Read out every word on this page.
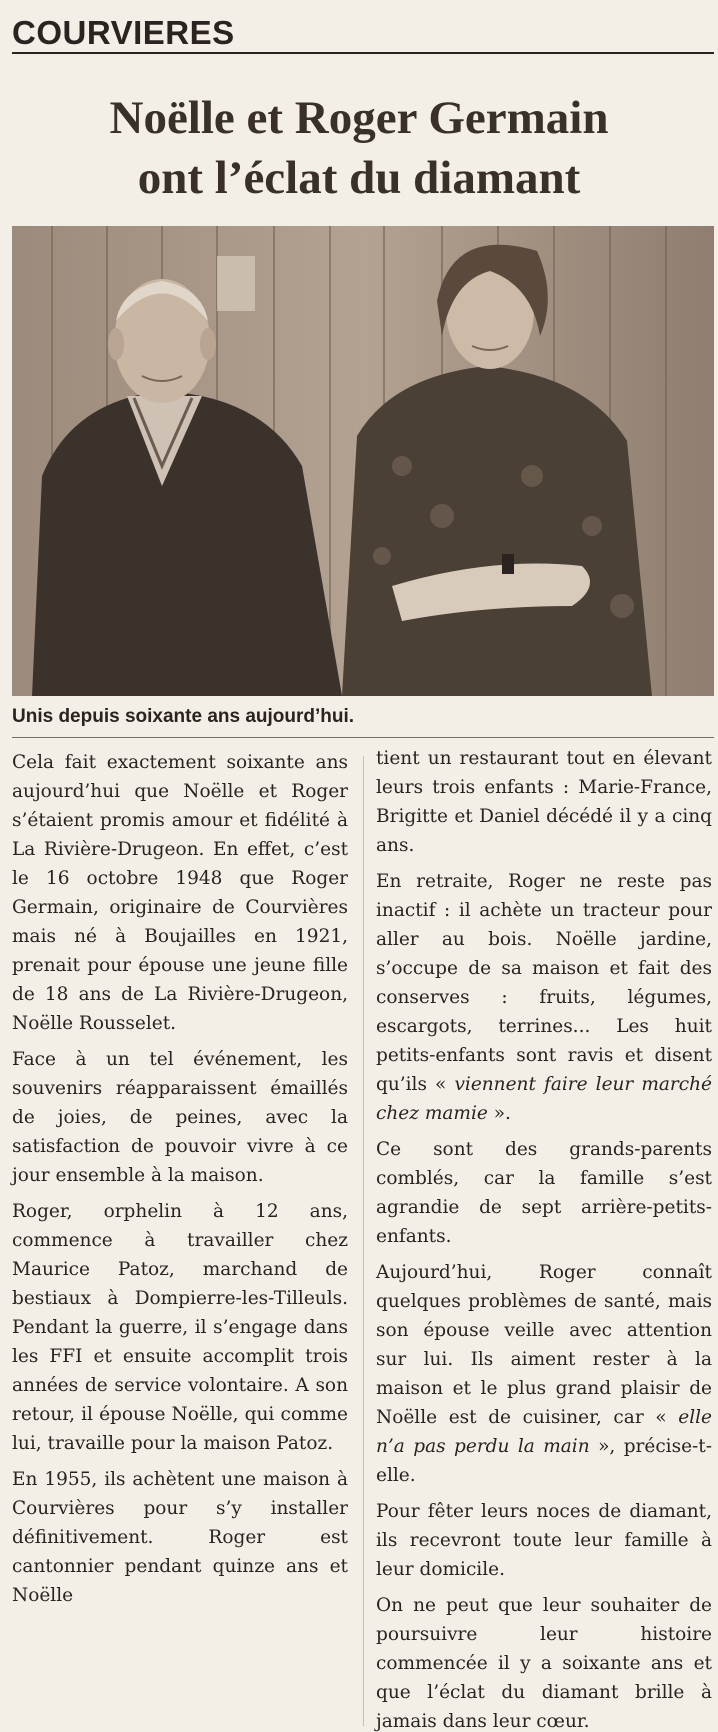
COURVIERES
Noëlle et Roger Germain
ont l’éclat du diamant
Unis depuis soixante ans aujourd’hui.

Cela fait exactement soixante ans aujourd’hui que Noëlle et Roger s’étaient promis amour et fidélité à La Rivière-Drugeon. En effet, c’est le 16 octobre 1948 que Roger Germain, originaire de Courvières mais né à Boujailles en 1921, prenait pour épouse une jeune fille de 18 ans de La Rivière-Drugeon, Noëlle Rousselet.

Face à un tel événement, les souvenirs réapparaissent émaillés de joies, de peines, avec la satisfaction de pouvoir vivre à ce jour ensemble à la maison.

Roger, orphelin à 12 ans, commence à travailler chez Maurice Patoz, marchand de bestiaux à Dompierre-les-Tilleuls. Pendant la guerre, il s’engage dans les FFI et ensuite accomplit trois années de service volontaire. A son retour, il épouse Noëlle, qui comme lui, travaille pour la maison Patoz.

En 1955, ils achètent une maison à Courvières pour s’y installer définitivement. Roger est cantonnier pendant quinze ans et Noëlle

tient un restaurant tout en élevant leurs trois enfants : Marie-France, Brigitte et Daniel décédé il y a cinq ans.

En retraite, Roger ne reste pas inactif : il achète un tracteur pour aller au bois. Noëlle jardine, s’occupe de sa maison et fait des conserves : fruits, légumes, escargots, terrines... Les huit petits-enfants sont ravis et disent qu’ils « viennent faire leur marché chez mamie ».

Ce sont des grands-parents comblés, car la famille s’est agrandie de sept arrière-petits-enfants.

Aujourd’hui, Roger connaît quelques problèmes de santé, mais son épouse veille avec attention sur lui. Ils aiment rester à la maison et le plus grand plaisir de Noëlle est de cuisiner, car « elle n’a pas perdu la main », précise-t-elle.

Pour fêter leurs noces de diamant, ils recevront toute leur famille à leur domicile.

On ne peut que leur souhaiter de poursuivre leur histoire commencée il y a soixante ans et que l’éclat du diamant brille à jamais dans leur cœur.
